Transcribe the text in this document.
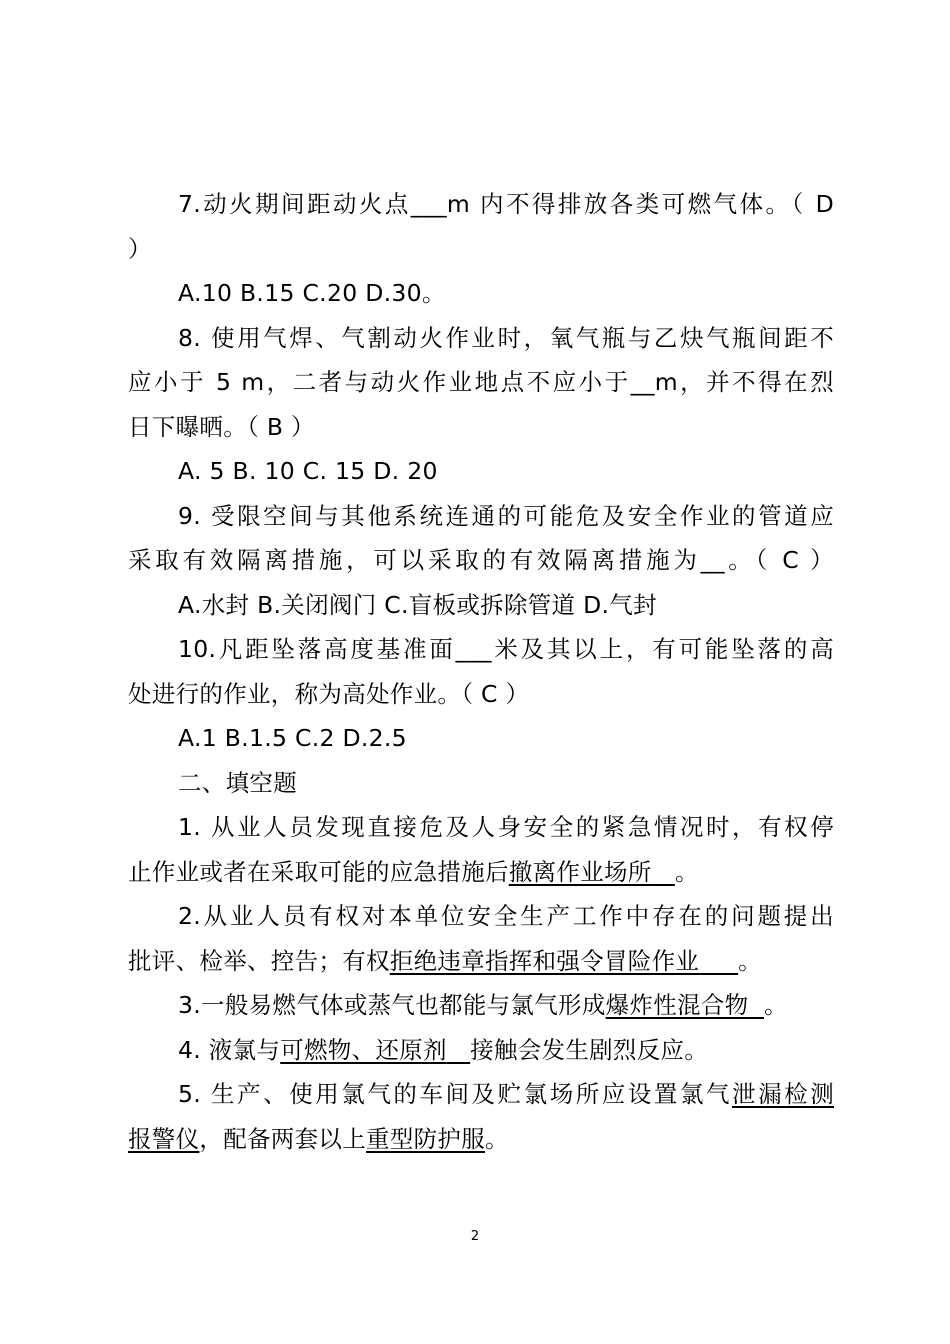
7.动火期间距动火点___m 内不得排放各类可燃气体。（ D
）
A.10 B.15 C.20 D.30。
8. 使用气焊、气割动火作业时，氧气瓶与乙炔气瓶间距不
应小于 5 m，二者与动火作业地点不应小于__m，并不得在烈
日下曝晒。（ B ）
A. 5 B. 10 C. 15 D. 20
9. 受限空间与其他系统连通的可能危及安全作业的管道应
采取有效隔离措施，可以采取的有效隔离措施为__。（ C ）
A.水封 B.关闭阀门 C.盲板或拆除管道 D.气封
10.凡距坠落高度基准面___米及其以上，有可能坠落的高
处进行的作业，称为高处作业。（ C ）
A.1 B.1.5 C.2 D.2.5
二、填空题
1. 从业人员发现直接危及人身安全的紧急情况时，有权停
止作业或者在采取可能的应急措施后撤离作业场所 。
2.从业人员有权对本单位安全生产工作中存在的问题提出
批评、检举、控告；有权拒绝违章指挥和强令冒险作业 。
3.一般易燃气体或蒸气也都能与氯气形成爆炸性混合物 。
4. 液氯与可燃物、还原剂 接触会发生剧烈反应。
5. 生产、使用氯气的车间及贮氯场所应设置氯气泄漏检测
报警仪，配备两套以上重型防护服。
2
